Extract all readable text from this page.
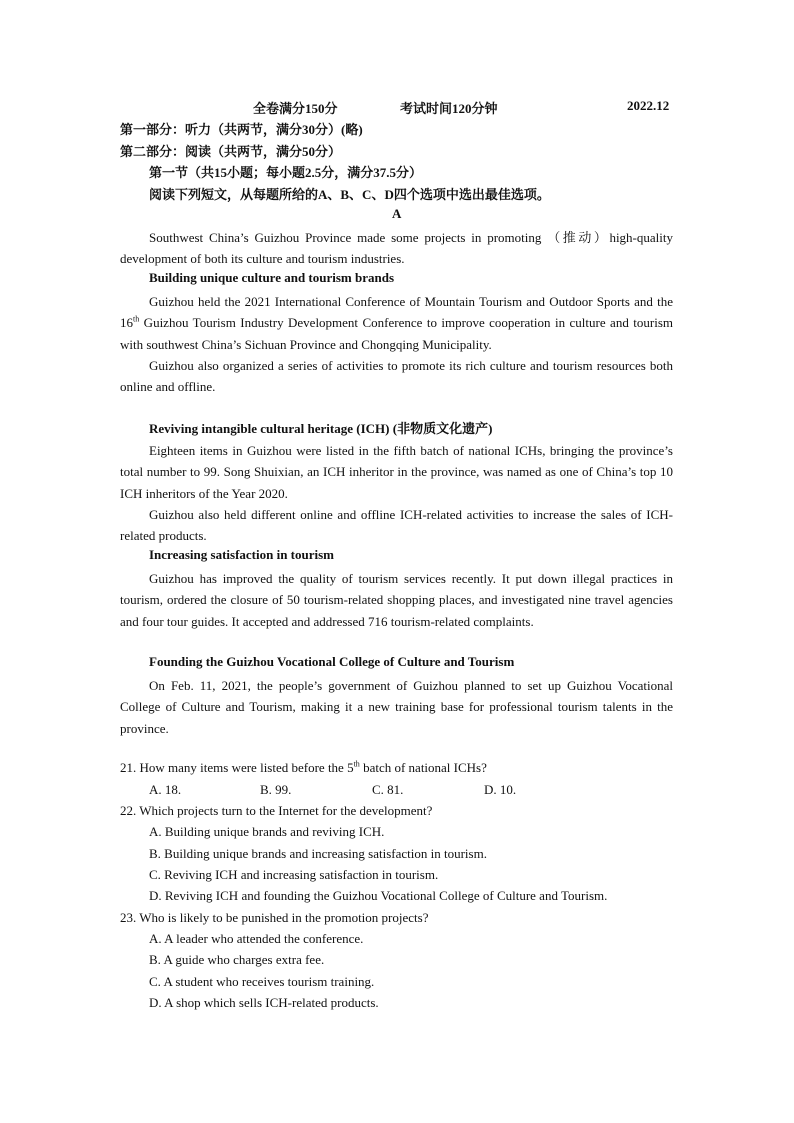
全卷满分150分	考试时间120分钟	2022.12
第一部分：听力（共两节，满分30分）(略)
第二部分：阅读（共两节，满分50分）
第一节（共15小题；每小题2.5分，满分37.5分）
阅读下列短文，从每题所给的A、B、C、D四个选项中选出最佳选项。
A

Southwest China’s Guizhou Province made some projects in promoting （推动）high-quality development of both its culture and tourism industries.

Building unique culture and tourism brands

Guizhou held the 2021 International Conference of Mountain Tourism and Outdoor Sports and the 16th Guizhou Tourism Industry Development Conference to improve cooperation in culture and tourism with southwest China’s Sichuan Province and Chongqing Municipality.

Guizhou also organized a series of activities to promote its rich culture and tourism resources both online and offline.

Reviving intangible cultural heritage (ICH) (非物质文化遗产)

Eighteen items in Guizhou were listed in the fifth batch of national ICHs, bringing the province’s total number to 99. Song Shuixian, an ICH inheritor in the province, was named as one of China’s top 10 ICH inheritors of the Year 2020.

Guizhou also held different online and offline ICH-related activities to increase the sales of ICH-related products.

Increasing satisfaction in tourism

Guizhou has improved the quality of tourism services recently. It put down illegal practices in tourism, ordered the closure of 50 tourism-related shopping places, and investigated nine travel agencies and four tour guides. It accepted and addressed 716 tourism-related complaints.

Founding the Guizhou Vocational College of Culture and Tourism

On Feb. 11, 2021, the people’s government of Guizhou planned to set up Guizhou Vocational College of Culture and Tourism, making it a new training base for professional tourism talents in the province.

21. How many items were listed before the 5th batch of national ICHs?
A. 18.	B. 99.	C. 81.	D. 10.
22. Which projects turn to the Internet for the development?
A. Building unique brands and reviving ICH.
B. Building unique brands and increasing satisfaction in tourism.
C. Reviving ICH and increasing satisfaction in tourism.
D. Reviving ICH and founding the Guizhou Vocational College of Culture and Tourism.
23. Who is likely to be punished in the promotion projects?
A. A leader who attended the conference.
B. A guide who charges extra fee.
C. A student who receives tourism training.
D. A shop which sells ICH-related products.
